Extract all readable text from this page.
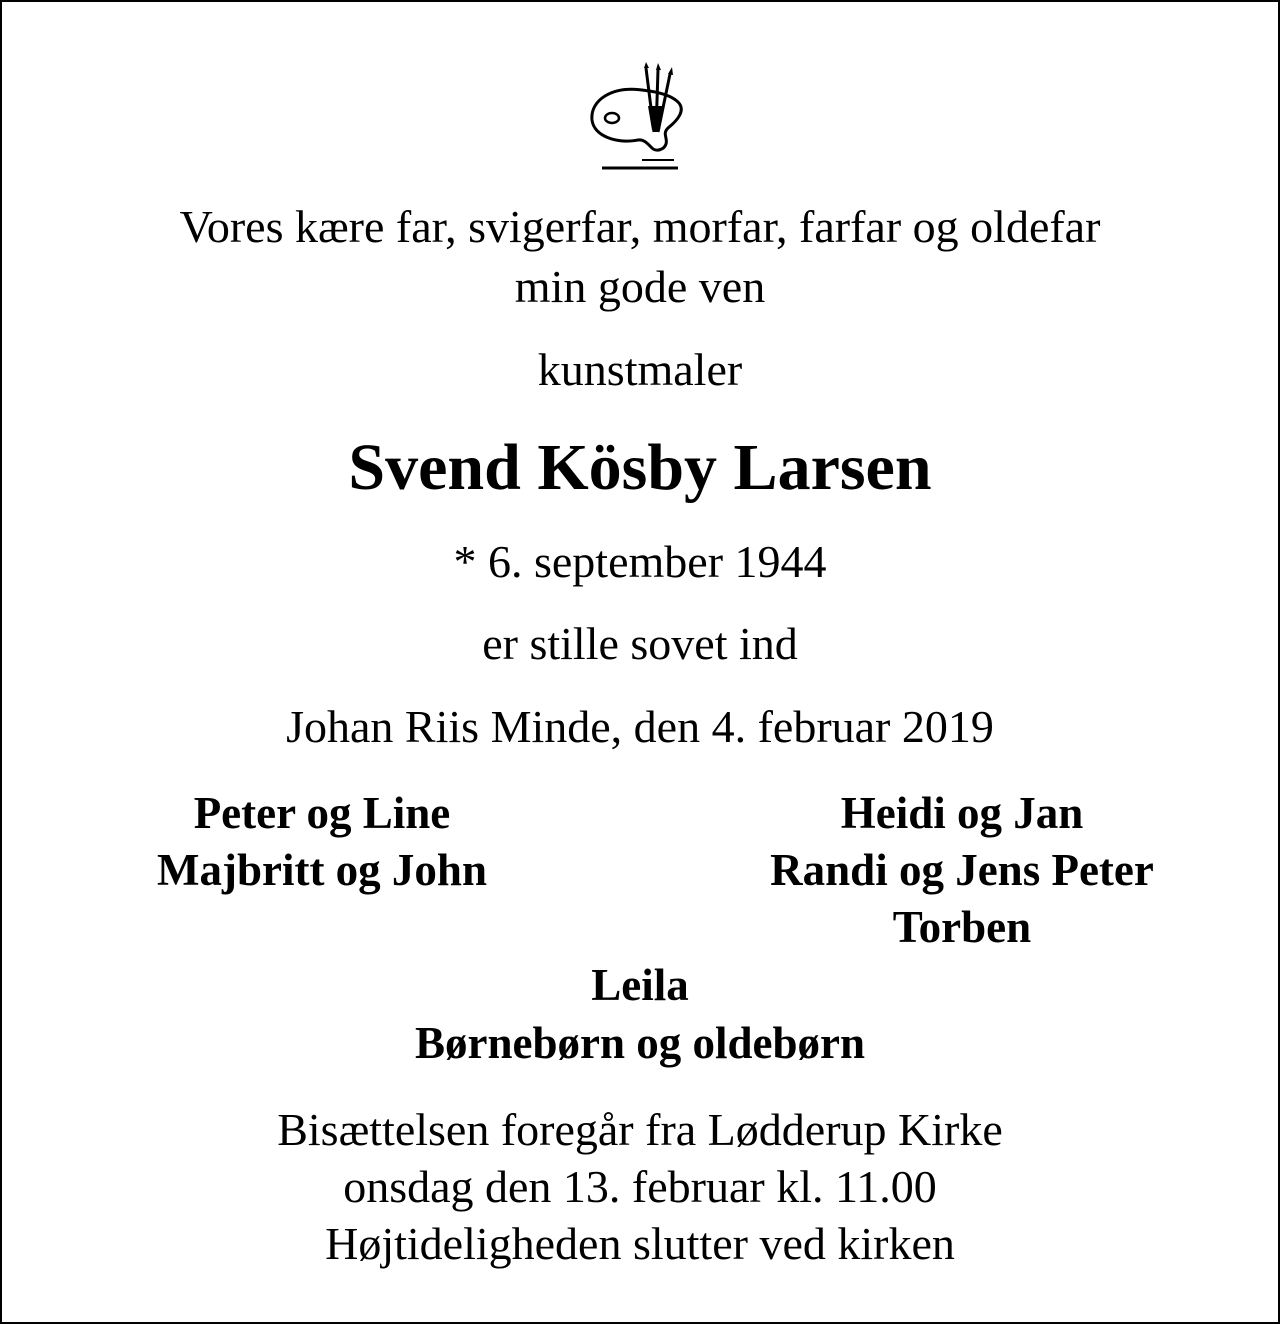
Vores kære far, svigerfar, morfar, farfar og oldefar
min gode ven
kunstmaler
Svend Kösby Larsen
* 6. september 1944
er stille sovet ind
Johan Riis Minde, den 4. februar 2019
Peter og Line
Majbritt og John
Heidi og Jan
Randi og Jens Peter
Torben
Leila
Børnebørn og oldebørn
Bisættelsen foregår fra Lødderup Kirke
onsdag den 13. februar kl. 11.00
Højtideligheden slutter ved kirken
